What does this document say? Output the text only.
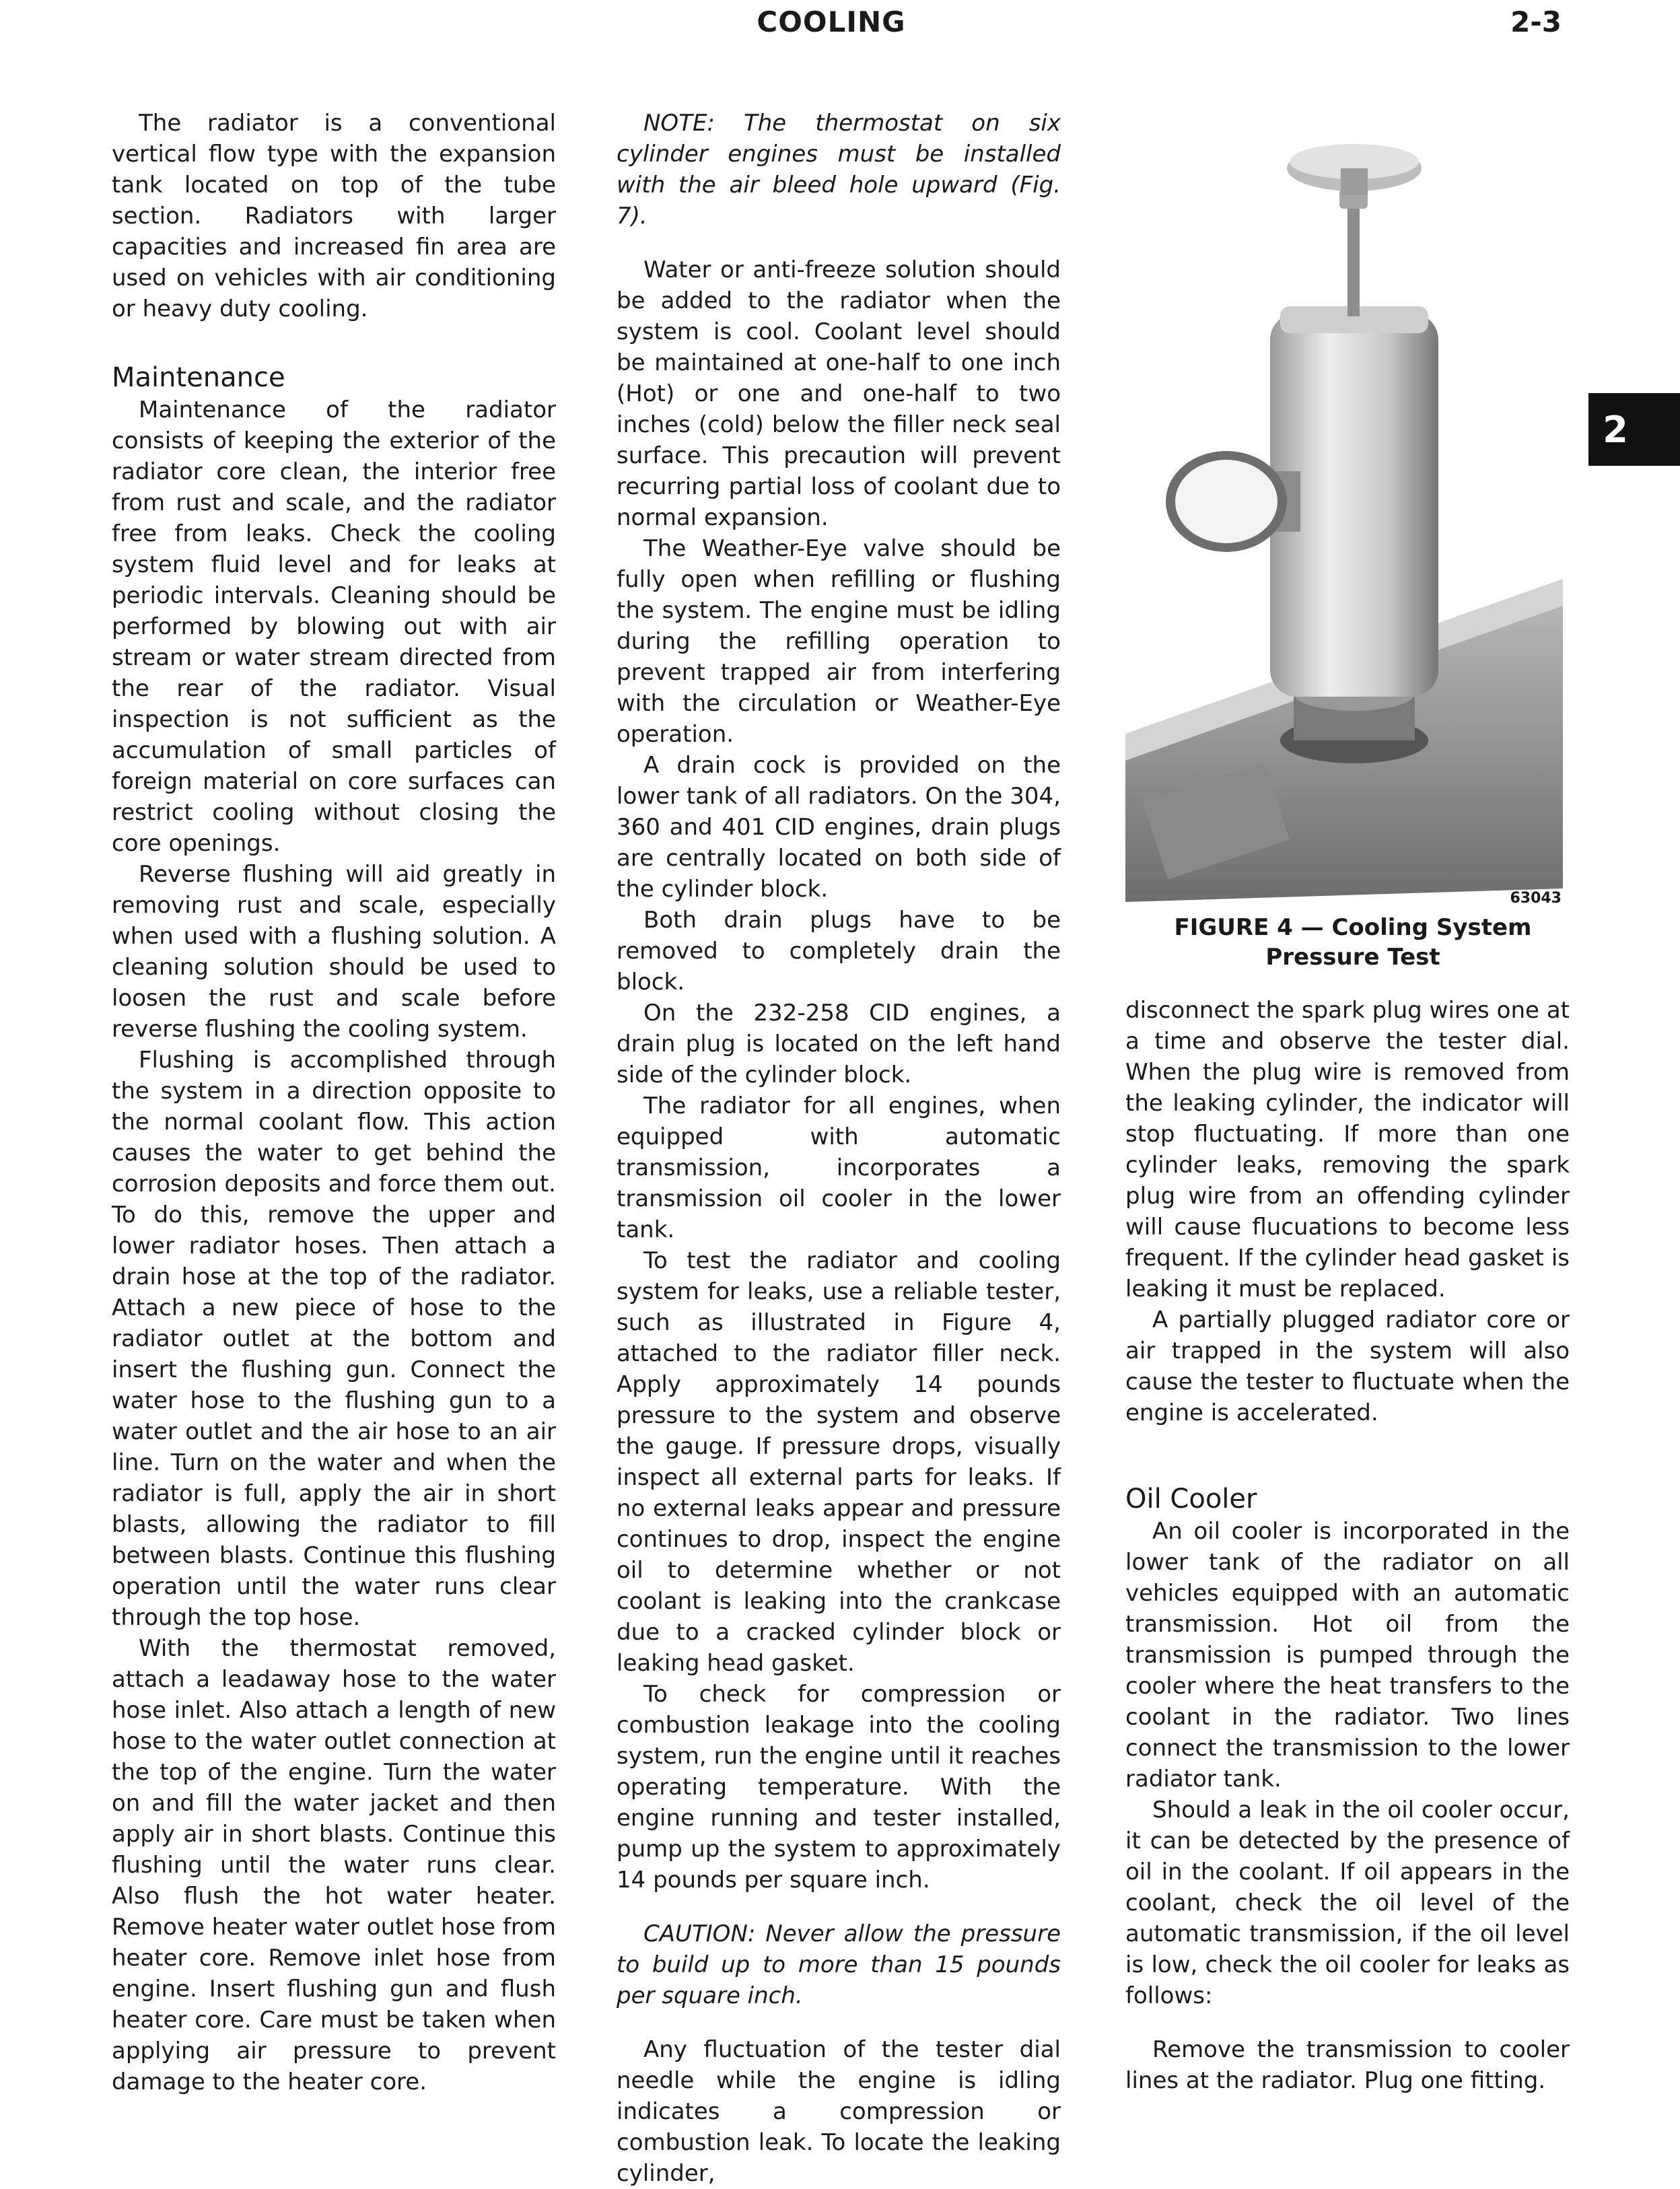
COOLING	2-3
2

The radiator is a conventional vertical flow type with the expansion tank located on top of the tube section. Radiators with larger capacities and increased fin area are used on vehicles with air conditioning or heavy duty cooling.

Maintenance

Maintenance of the radiator consists of keeping the exterior of the radiator core clean, the interior free from rust and scale, and the radiator free from leaks. Check the cooling system fluid level and for leaks at periodic intervals. Cleaning should be performed by blowing out with air stream or water stream directed from the rear of the radiator. Visual inspection is not sufficient as the accumulation of small particles of foreign material on core surfaces can restrict cooling without closing the core openings.

Reverse flushing will aid greatly in removing rust and scale, especially when used with a flushing solution. A cleaning solution should be used to loosen the rust and scale before reverse flushing the cooling system.

Flushing is accomplished through the system in a direction opposite to the normal coolant flow. This action causes the water to get behind the corrosion deposits and force them out. To do this, remove the upper and lower radiator hoses. Then attach a drain hose at the top of the radiator. Attach a new piece of hose to the radiator outlet at the bottom and insert the flushing gun. Connect the water hose to the flushing gun to a water outlet and the air hose to an air line. Turn on the water and when the radiator is full, apply the air in short blasts, allowing the radiator to fill between blasts. Continue this flushing operation until the water runs clear through the top hose.

With the thermostat removed, attach a leadaway hose to the water hose inlet. Also attach a length of new hose to the water outlet connection at the top of the engine. Turn the water on and fill the water jacket and then apply air in short blasts. Continue this flushing until the water runs clear. Also flush the hot water heater. Remove heater water outlet hose from heater core. Remove inlet hose from engine. Insert flushing gun and flush heater core. Care must be taken when applying air pressure to prevent damage to the heater core.

NOTE: The thermostat on six cylinder engines must be installed with the air bleed hole upward (Fig. 7).

Water or anti-freeze solution should be added to the radiator when the system is cool. Coolant level should be maintained at one-half to one inch (Hot) or one and one-half to two inches (cold) below the filler neck seal surface. This precaution will prevent recurring partial loss of coolant due to normal expansion.

The Weather-Eye valve should be fully open when refilling or flushing the system. The engine must be idling during the refilling operation to prevent trapped air from interfering with the circulation or Weather-Eye operation.

A drain cock is provided on the lower tank of all radiators. On the 304, 360 and 401 CID engines, drain plugs are centrally located on both side of the cylinder block.

Both drain plugs have to be removed to completely drain the block.

On the 232-258 CID engines, a drain plug is located on the left hand side of the cylinder block.

The radiator for all engines, when equipped with automatic transmission, incorporates a transmission oil cooler in the lower tank.

To test the radiator and cooling system for leaks, use a reliable tester, such as illustrated in Figure 4, attached to the radiator filler neck. Apply approximately 14 pounds pressure to the system and observe the gauge. If pressure drops, visually inspect all external parts for leaks. If no external leaks appear and pressure continues to drop, inspect the engine oil to determine whether or not coolant is leaking into the crankcase due to a cracked cylinder block or leaking head gasket.

To check for compression or combustion leakage into the cooling system, run the engine until it reaches operating temperature. With the engine running and tester installed, pump up the system to approximately 14 pounds per square inch.

CAUTION: Never allow the pressure to build up to more than 15 pounds per square inch.

Any fluctuation of the tester dial needle while the engine is idling indicates a compression or combustion leak. To locate the leaking cylinder,

63043
FIGURE 4 — Cooling System Pressure Test

disconnect the spark plug wires one at a time and observe the tester dial. When the plug wire is removed from the leaking cylinder, the indicator will stop fluctuating. If more than one cylinder leaks, removing the spark plug wire from an offending cylinder will cause flucuations to become less frequent. If the cylinder head gasket is leaking it must be replaced.

A partially plugged radiator core or air trapped in the system will also cause the tester to fluctuate when the engine is accelerated.

Oil Cooler

An oil cooler is incorporated in the lower tank of the radiator on all vehicles equipped with an automatic transmission. Hot oil from the transmission is pumped through the cooler where the heat transfers to the coolant in the radiator. Two lines connect the transmission to the lower radiator tank.

Should a leak in the oil cooler occur, it can be detected by the presence of oil in the coolant. If oil appears in the coolant, check the oil level of the automatic transmission, if the oil level is low, check the oil cooler for leaks as follows:

Remove the transmission to cooler lines at the radiator. Plug one fitting.
